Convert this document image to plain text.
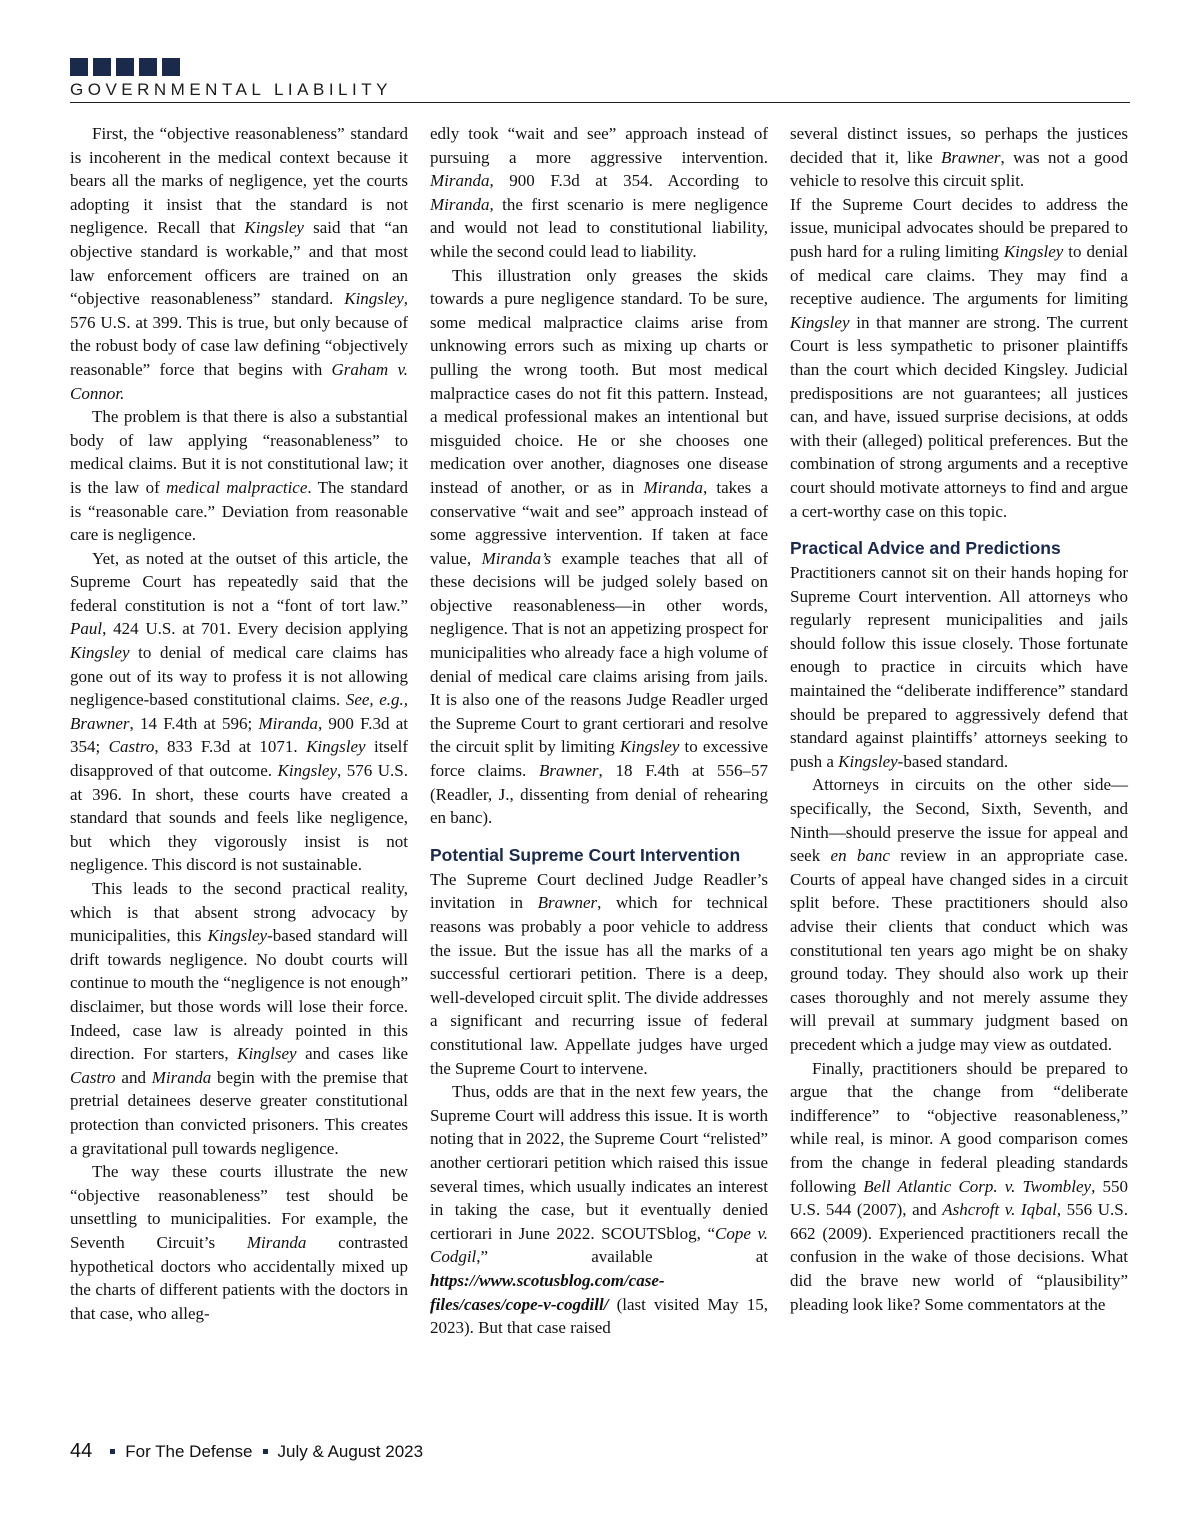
GOVERNMENTAL LIABILITY

First, the “objective reasonableness” standard is incoherent in the medical context because it bears all the marks of negligence, yet the courts adopting it insist that the standard is not negligence. Recall that Kingsley said that “an objective standard is workable,” and that most law enforcement officers are trained on an “objective reasonableness” standard. Kingsley, 576 U.S. at 399. This is true, but only because of the robust body of case law defining “objectively reasonable” force that begins with Graham v. Connor.

The problem is that there is also a substantial body of law applying “reasonableness” to medical claims. But it is not constitutional law; it is the law of medical malpractice. The standard is “reasonable care.” Deviation from reasonable care is negligence.

Yet, as noted at the outset of this article, the Supreme Court has repeatedly said that the federal constitution is not a “font of tort law.” Paul, 424 U.S. at 701. Every decision applying Kingsley to denial of medical care claims has gone out of its way to profess it is not allowing negligence-based constitutional claims. See, e.g., Brawner, 14 F.4th at 596; Miranda, 900 F.3d at 354; Castro, 833 F.3d at 1071. Kingsley itself disapproved of that outcome. Kingsley, 576 U.S. at 396. In short, these courts have created a standard that sounds and feels like negligence, but which they vigorously insist is not negligence. This discord is not sustainable.

This leads to the second practical reality, which is that absent strong advocacy by municipalities, this Kingsley-based standard will drift towards negligence. No doubt courts will continue to mouth the “negligence is not enough” disclaimer, but those words will lose their force. Indeed, case law is already pointed in this direction. For starters, Kinglsey and cases like Castro and Miranda begin with the premise that pretrial detainees deserve greater constitutional protection than convicted prisoners. This creates a gravitational pull towards negligence.

The way these courts illustrate the new “objective reasonableness” test should be unsettling to municipalities. For example, the Seventh Circuit’s Miranda contrasted hypothetical doctors who accidentally mixed up the charts of different patients with the doctors in that case, who alleg-

edly took “wait and see” approach instead of pursuing a more aggressive intervention. Miranda, 900 F.3d at 354. According to Miranda, the first scenario is mere negligence and would not lead to constitutional liability, while the second could lead to liability.

This illustration only greases the skids towards a pure negligence standard. To be sure, some medical malpractice claims arise from unknowing errors such as mixing up charts or pulling the wrong tooth. But most medical malpractice cases do not fit this pattern. Instead, a medical professional makes an intentional but misguided choice. He or she chooses one medication over another, diagnoses one disease instead of another, or as in Miranda, takes a conservative “wait and see” approach instead of some aggressive intervention. If taken at face value, Miranda’s example teaches that all of these decisions will be judged solely based on objective reasonableness—in other words, negligence. That is not an appetizing prospect for municipalities who already face a high volume of denial of medical care claims arising from jails. It is also one of the reasons Judge Readler urged the Supreme Court to grant certiorari and resolve the circuit split by limiting Kingsley to excessive force claims. Brawner, 18 F.4th at 556–57 (Readler, J., dissenting from denial of rehearing en banc).

Potential Supreme Court Intervention

The Supreme Court declined Judge Readler’s invitation in Brawner, which for technical reasons was probably a poor vehicle to address the issue. But the issue has all the marks of a successful certiorari petition. There is a deep, well-developed circuit split. The divide addresses a significant and recurring issue of federal constitutional law. Appellate judges have urged the Supreme Court to intervene.

Thus, odds are that in the next few years, the Supreme Court will address this issue. It is worth noting that in 2022, the Supreme Court “relisted” another certiorari petition which raised this issue several times, which usually indicates an interest in taking the case, but it eventually denied certiorari in June 2022. SCOUTSblog, “Cope v. Codgil,” available at https://www.scotusblog.com/case-files/cases/cope-v-cogdill/ (last visited May 15, 2023). But that case raised

several distinct issues, so perhaps the justices decided that it, like Brawner, was not a good vehicle to resolve this circuit split.

If the Supreme Court decides to address the issue, municipal advocates should be prepared to push hard for a ruling limiting Kingsley to denial of medical care claims. They may find a receptive audience. The arguments for limiting Kingsley in that manner are strong. The current Court is less sympathetic to prisoner plaintiffs than the court which decided Kingsley. Judicial predispositions are not guarantees; all justices can, and have, issued surprise decisions, at odds with their (alleged) political preferences. But the combination of strong arguments and a receptive court should motivate attorneys to find and argue a cert-worthy case on this topic.

Practical Advice and Predictions

Practitioners cannot sit on their hands hoping for Supreme Court intervention. All attorneys who regularly represent municipalities and jails should follow this issue closely. Those fortunate enough to practice in circuits which have maintained the “deliberate indifference” standard should be prepared to aggressively defend that standard against plaintiffs’ attorneys seeking to push a Kingsley-based standard.

Attorneys in circuits on the other side—specifically, the Second, Sixth, Seventh, and Ninth—should preserve the issue for appeal and seek en banc review in an appropriate case. Courts of appeal have changed sides in a circuit split before. These practitioners should also advise their clients that conduct which was constitutional ten years ago might be on shaky ground today. They should also work up their cases thoroughly and not merely assume they will prevail at summary judgment based on precedent which a judge may view as outdated.

Finally, practitioners should be prepared to argue that the change from “deliberate indifference” to “objective reasonableness,” while real, is minor. A good comparison comes from the change in federal pleading standards following Bell Atlantic Corp. v. Twombley, 550 U.S. 544 (2007), and Ashcroft v. Iqbal, 556 U.S. 662 (2009). Experienced practitioners recall the confusion in the wake of those decisions. What did the brave new world of “plausibility” pleading look like? Some commentators at the

44 For The Defense July & August 2023
